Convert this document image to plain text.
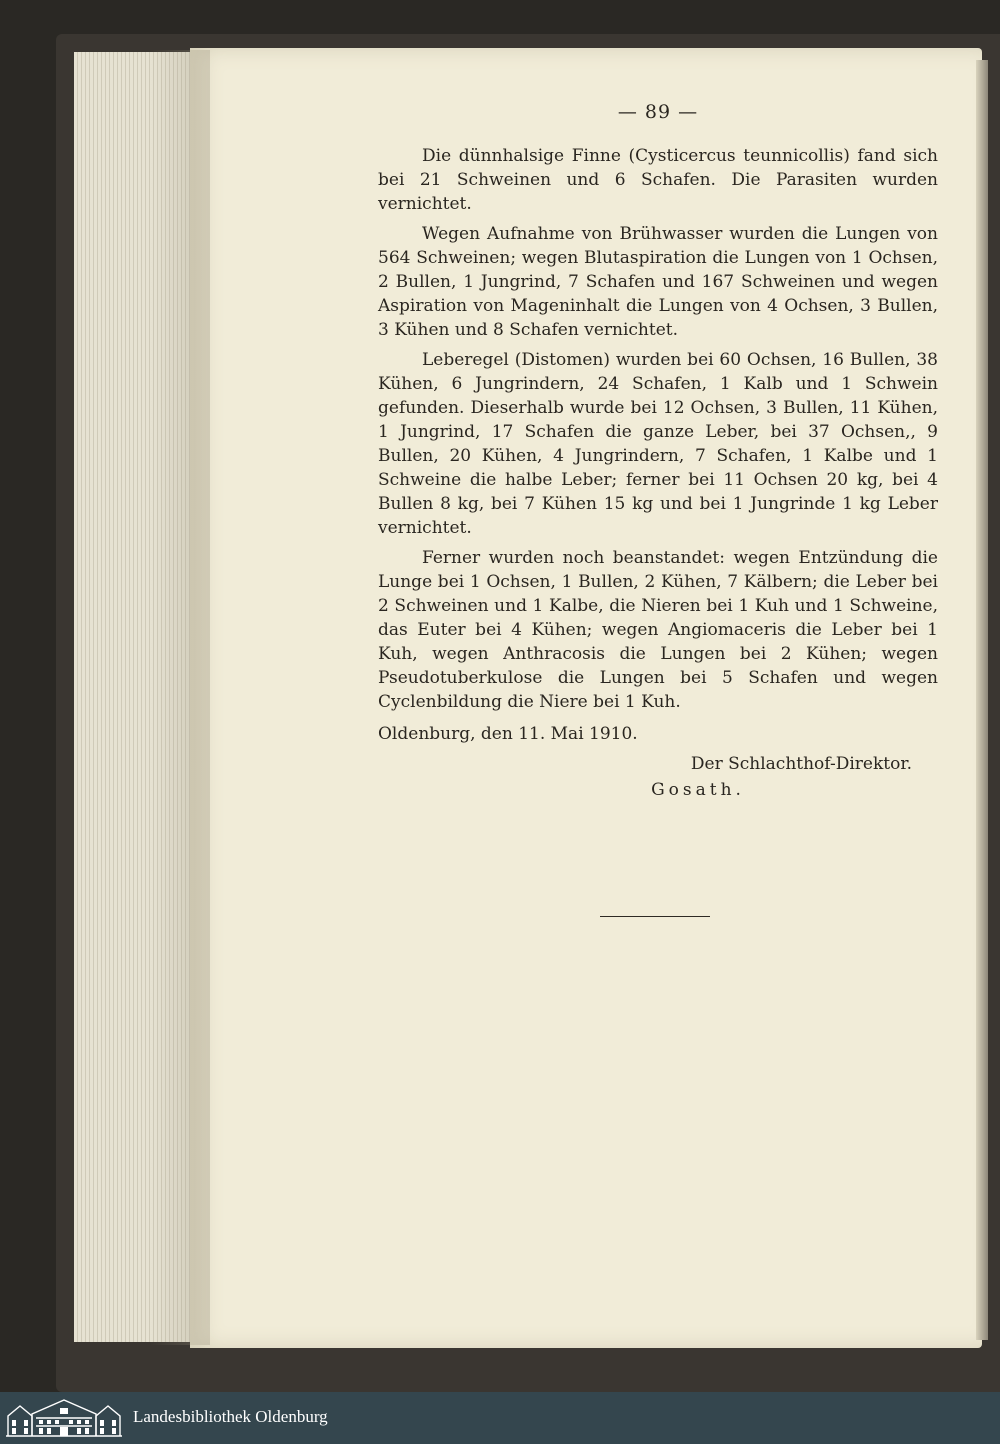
— 89 —

Die dünnhalsige Finne (Cysticercus teunnicollis) fand sich bei 21 Schweinen und 6 Schafen. Die Parasiten wurden vernichtet.

Wegen Aufnahme von Brühwasser wurden die Lungen von 564 Schweinen; wegen Blutaspiration die Lungen von 1 Ochsen, 2 Bullen, 1 Jungrind, 7 Schafen und 167 Schweinen und wegen Aspiration von Mageninhalt die Lungen von 4 Ochsen, 3 Bullen, 3 Kühen und 8 Schafen vernichtet.

Leberegel (Distomen) wurden bei 60 Ochsen, 16 Bullen, 38 Kühen, 6 Jungrindern, 24 Schafen, 1 Kalb und 1 Schwein gefunden. Dieserhalb wurde bei 12 Ochsen, 3 Bullen, 11 Kühen, 1 Jungrind, 17 Schafen die ganze Leber, bei 37 Ochsen,, 9 Bullen, 20 Kühen, 4 Jungrindern, 7 Schafen, 1 Kalbe und 1 Schweine die halbe Leber; ferner bei 11 Ochsen 20 kg, bei 4 Bullen 8 kg, bei 7 Kühen 15 kg und bei 1 Jungrinde 1 kg Leber vernichtet.

Ferner wurden noch beanstandet: wegen Entzündung die Lunge bei 1 Ochsen, 1 Bullen, 2 Kühen, 7 Kälbern; die Leber bei 2 Schweinen und 1 Kalbe, die Nieren bei 1 Kuh und 1 Schweine, das Euter bei 4 Kühen; wegen Angiomaceris die Leber bei 1 Kuh, wegen Anthracosis die Lungen bei 2 Kühen; wegen Pseudotuberkulose die Lungen bei 5 Schafen und wegen Cyclenbildung die Niere bei 1 Kuh.

Oldenburg, den 11. Mai 1910.
Der Schlachthof-Direktor.
Gosath.
Landesbibliothek Oldenburg
